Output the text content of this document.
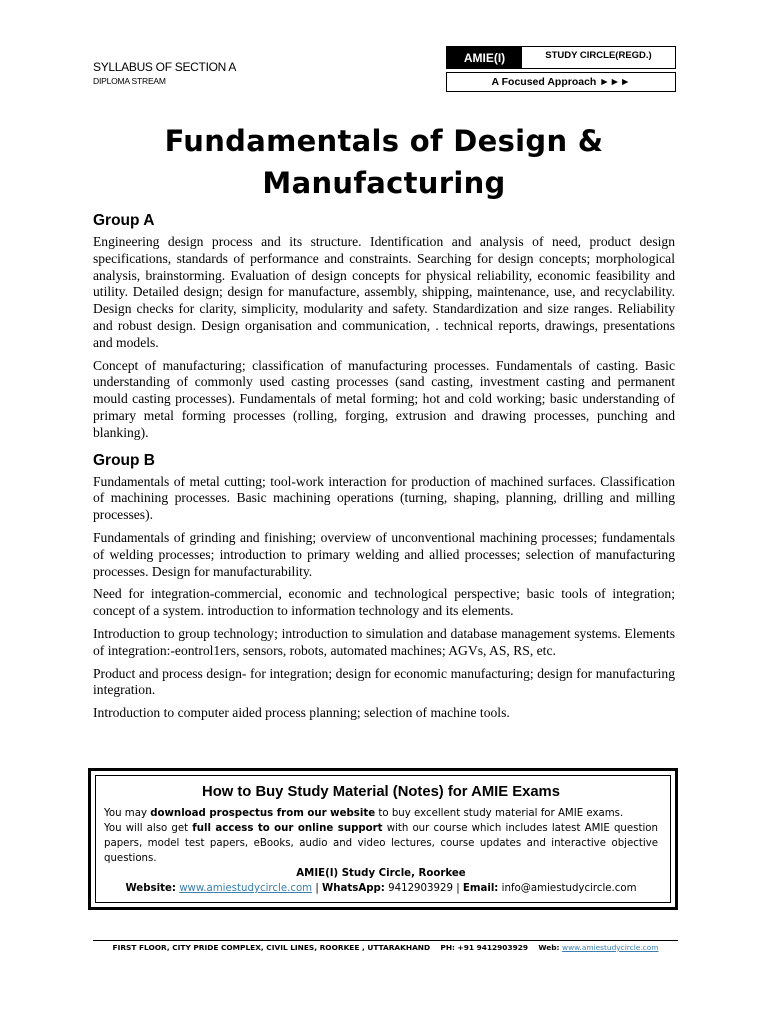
SYLLABUS OF SECTION A
DIPLOMA STREAM
AMIE(I)	STUDY CIRCLE(REGD.)
A Focused Approach ►►►
Fundamentals of Design &
Manufacturing
Group A

Engineering design process and its structure. Identification and analysis of need, product design specifications, standards of performance and constraints. Searching for design concepts; morphological analysis, brainstorming. Evaluation of design concepts for physical reliability, economic feasibility and utility. Detailed design; design for manufacture, assembly, shipping, maintenance, use, and recyclability. Design checks for clarity, simplicity, modularity and safety. Standardization and size ranges. Reliability and robust design. Design organisation and communication, . technical reports, drawings, presentations and models.

Concept of manufacturing; classification of manufacturing processes. Fundamentals of casting. Basic understanding of commonly used casting processes (sand casting, investment casting and permanent mould casting processes). Fundamentals of metal forming; hot and cold working; basic understanding of primary metal forming processes (rolling, forging, extrusion and drawing processes, punching and blanking).

Group B

Fundamentals of metal cutting; tool-work interaction for production of machined surfaces. Classification of machining processes. Basic machining operations (turning, shaping, planning, drilling and milling processes).

Fundamentals of grinding and finishing; overview of unconventional machining processes; fundamentals of welding processes; introduction to primary welding and allied processes; selection of manufacturing processes. Design for manufacturability.

Need for integration-commercial, economic and technological perspective; basic tools of integration; concept of a system. introduction to information technology and its elements.

Introduction to group technology; introduction to simulation and database management systems. Elements of integration:-eontrol1ers, sensors, robots, automated machines; AGVs, AS, RS, etc.

Product and process design- for integration; design for economic manufacturing; design for manufacturing integration.

Introduction to computer aided process planning; selection of machine tools.

How to Buy Study Material (Notes) for AMIE Exams
You may download prospectus from our website to buy excellent study material for AMIE exams.
You will also get full access to our online support with our course which includes latest AMIE question papers, model test papers, eBooks, audio and video lectures, course updates and interactive objective questions.
AMIE(I) Study Circle, Roorkee
Website: www.amiestudycircle.com | WhatsApp: 9412903929 | Email: info@amiestudycircle.com
FIRST FLOOR, CITY PRIDE COMPLEX, CIVIL LINES, ROORKEE , UTTARAKHAND PH: +91 9412903929 Web: www.amiestudycircle.com
